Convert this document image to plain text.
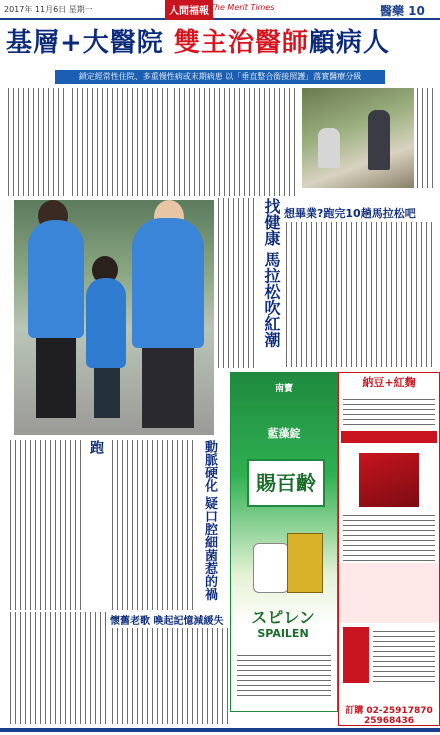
2017年 11月6日 星期一	人間福報 The Merit Times	醫藥 10
基層+大醫院 雙主治醫師顧病人
鎖定經常性住院、多重慢性病或末期病患 以「垂直整合銜接照護」落實醫療分級
找健康 馬拉松吹紅潮 想畢業?跑完10趟馬拉松吧
跑	動脈硬化 疑口腔細菌惹的禍
懷舊老歌 喚起記憶減緩失
南寶
藍藻錠
賜百齡
スピレン
SPAILEN
納豆+紅麴
訂購 02-25917870 25968436
